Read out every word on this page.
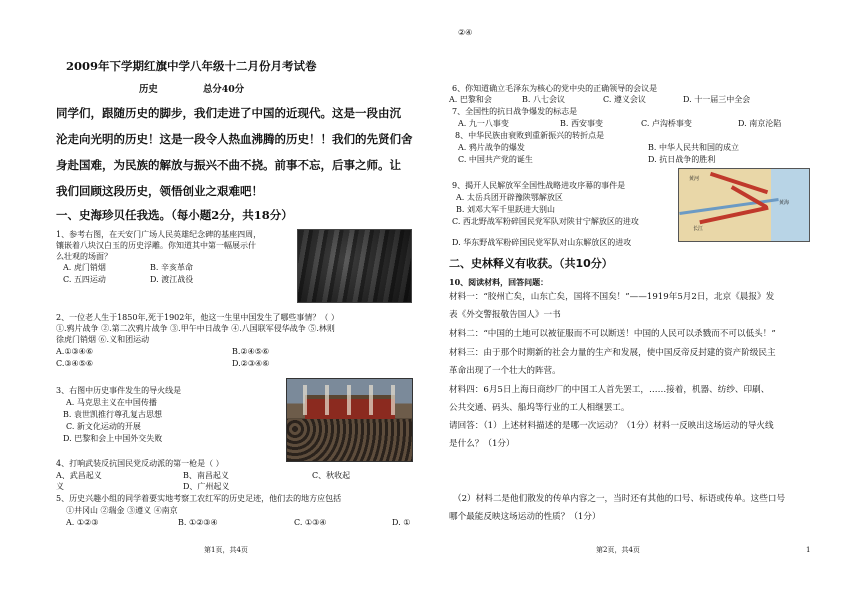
2009年下学期红旗中学八年级十二月份月考试卷
历史	总分40分
同学们，跟随历史的脚步，我们走进了中国的近现代。这是一段由沉
沦走向光明的历史！这是一段令人热血沸腾的历史！！我们的先贤们舍
身赴国难，为民族的解放与振兴不曲不挠。前事不忘，后事之师。让
我们回顾这段历史，领悟创业之艰难吧！
一、史海珍贝任我选。（每小题2分，共18分）
1、参考右图，在天安门广场人民英雄纪念碑的基座四周，
镶嵌着八块汉白玉的历史浮雕。你知道其中第一幅展示什
么壮观的场面？
A. 虎门销烟	B. 辛亥革命
C. 五四运动	D. 渡江战役
2、一位老人生于1850年,死于1902年，他这一生里中国发生了哪些事情？（ ）
①.鸦片战争 ②.第二次鸦片战争 ③.甲午中日战争 ④.八国联军侵华战争 ⑤.林则
徐虎门销烟 ⑥.义和团运动
A.①③④⑥	B.②④⑤⑥
C.③④⑤⑥	D.②③④⑥
3、右图中历史事件发生的导火线是
A. 马克思主义在中国传播
B. 袁世凯推行尊孔复古思想
C. 新文化运动的开展
D. 巴黎和会上中国外交失败
4、打响武装反抗国民党反动派的第一枪是（ ）
A、武昌起义	B、南昌起义	C、秋收起
义	D、广州起义
5、历史兴趣小组的同学着要实地考察工农红军的历史足迹，他们去的地方应包括
①井冈山 ②瑞金 ③遵义 ④南京
A. ①②③	B. ①②③④	C. ①③④	D. ①
第1页，共4页
②④
6、你知道确立毛泽东为核心的党中央的正确领导的会议是
A. 巴黎和会	B. 八七会议	C. 遵义会议	D. 十一届三中全会
7、全国性的抗日战争爆发的标志是
A. 九一八事变	B. 西安事变	C. 卢沟桥事变	D. 南京沦陷
8、中华民族由衰败到重新振兴的转折点是
A. 鸦片战争的爆发	B. 中华人民共和国的成立
C. 中国共产党的诞生	D. 抗日战争的胜利
9、揭开人民解放军全国性战略进攻序幕的事件是
A. 太岳兵团开辟豫陕鄂解放区
B. 刘邓大军千里跃进大别山
C. 西北野战军粉碎国民党军队对陕甘宁解放区的进攻
D. 华东野战军粉碎国民党军队对山东解放区的进攻
黄河
长江
黄海
二、史林释义有收获。（共10分）
10、阅读材料，回答问题：
材料一：“胶州亡矣，山东亡矣，国将不国矣！”——1919年5月2日，北京《晨报》发
表《外交警报敬告国人》一书
材料二：“中国的土地可以被征服而不可以断送！中国的人民可以杀戮而不可以低头！”
材料三：由于那个时期新的社会力量的生产和发展，使中国反帝反封建的资产阶级民主
革命出现了一个壮大的阵营。
材料四：6月5日上海日商纱厂的中国工人首先罢工，……接着，机器、纺纱、印刷、
公共交通、码头、船坞等行业的工人相继罢工。
请回答：（1）上述材料描述的是哪一次运动？（1分）材料一反映出这场运动的导火线
是什么？（1分）
（2）材料二是他们散发的传单内容之一，当时还有其他的口号、标语或传单。这些口号
哪个最能反映这场运动的性质？（1分）
第2页，共4页	1
